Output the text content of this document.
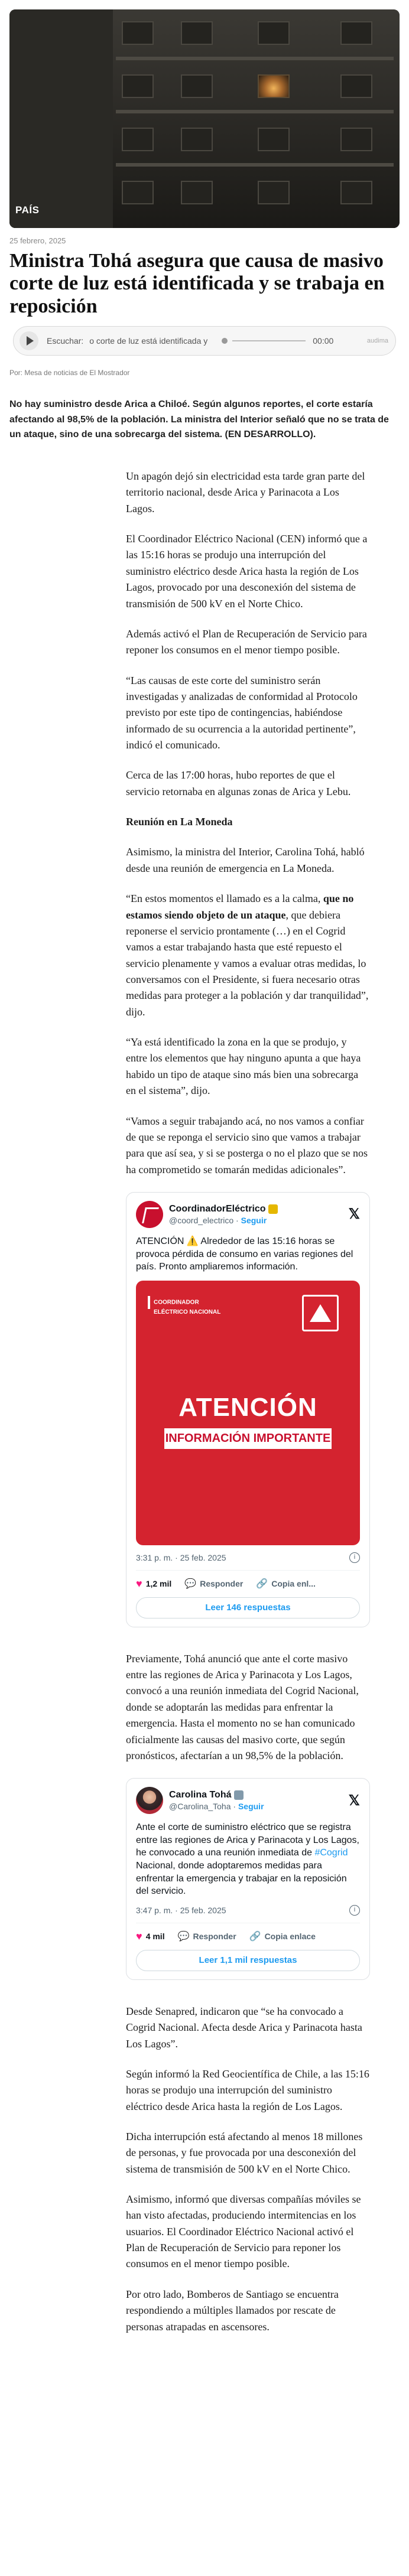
PAÍS
25 febrero, 2025
Ministra Tohá asegura que causa de masivo corte de luz está identificada y se trabaja en reposición
Escuchar: o corte de luz está identificada y	00:00	audima
Por: Mesa de noticias de El Mostrador

No hay suministro desde Arica a Chiloé. Según algunos reportes, el corte estaría afectando al 98,5% de la población. La ministra del Interior señaló que no se trata de un ataque, sino de una sobrecarga del sistema. (EN DESARROLLO).

Un apagón dejó sin electricidad esta tarde gran parte del territorio nacional, desde Arica y Parinacota a Los Lagos.

El Coordinador Eléctrico Nacional (CEN) informó que a las 15:16 horas se produjo una interrupción del suministro eléctrico desde Arica hasta la región de Los Lagos, provocado por una desconexión del sistema de transmisión de 500 kV en el Norte Chico.

Además activó el Plan de Recuperación de Servicio para reponer los consumos en el menor tiempo posible.

“Las causas de este corte del suministro serán investigadas y analizadas de conformidad al Protocolo previsto por este tipo de contingencias, habiéndose informado de su ocurrencia a la autoridad pertinente”, indicó el comunicado.

Cerca de las 17:00 horas, hubo reportes de que el servicio retornaba en algunas zonas de Arica y Lebu.

Reunión en La Moneda

Asimismo, la ministra del Interior, Carolina Tohá, habló desde una reunión de emergencia en La Moneda.

“En estos momentos el llamado es a la calma, que no estamos siendo objeto de un ataque, que debiera reponerse el servicio prontamente (…) en el Cogrid vamos a estar trabajando hasta que esté repuesto el servicio plenamente y vamos a evaluar otras medidas, lo conversamos con el Presidente, si fuera necesario otras medidas para proteger a la población y dar tranquilidad”, dijo.

“Ya está identificado la zona en la que se produjo, y entre los elementos que hay ninguno apunta a que haya habido un tipo de ataque sino más bien una sobrecarga en el sistema”, dijo.

“Vamos a seguir trabajando acá, no nos vamos a confiar de que se reponga el servicio sino que vamos a trabajar para que así sea, y si se posterga o no el plazo que se nos ha comprometido se tomarán medidas adicionales”.

CoordinadorEléctrico
@coord_electrico · Seguir	𝕏
ATENCIÓN ⚠️ Alrededor de las 15:16 horas se provoca pérdida de consumo en varias regiones del país. Pronto ampliaremos información.
COORDINADOR
ELÉCTRICO NACIONAL
ATENCIÓN
INFORMACIÓN IMPORTANTE
3:31 p. m. · 25 feb. 2025	i
♥ 1,2 mil 💬 Responder 🔗 Copia enl...
Leer 146 respuestas

Previamente, Tohá anunció que ante el corte masivo entre las regiones de Arica y Parinacota y Los Lagos, convocó a una reunión inmediata del Cogrid Nacional, donde se adoptarán las medidas para enfrentar la emergencia. Hasta el momento no se han comunicado oficialmente las causas del masivo corte, que según pronósticos, afectarían a un 98,5% de la población.

Carolina Tohá
@Carolina_Toha · Seguir	𝕏
Ante el corte de suministro eléctrico que se registra entre las regiones de Arica y Parinacota y Los Lagos, he convocado a una reunión inmediata de #Cogrid Nacional, donde adoptaremos medidas para enfrentar la emergencia y trabajar en la reposición del servicio.
3:47 p. m. · 25 feb. 2025	i
♥ 4 mil 💬 Responder 🔗 Copia enlace
Leer 1,1 mil respuestas

Desde Senapred, indicaron que “se ha convocado a Cogrid Nacional. Afecta desde Arica y Parinacota hasta Los Lagos”.

Según informó la Red Geocientífica de Chile, a las 15:16 horas se produjo una interrupción del suministro eléctrico desde Arica hasta la región de Los Lagos.

Dicha interrupción está afectando al menos 18 millones de personas, y fue provocada por una desconexión del sistema de transmisión de 500 kV en el Norte Chico.

Asimismo, informó que diversas compañías móviles se han visto afectadas, produciendo intermitencias en los usuarios. El Coordinador Eléctrico Nacional activó el Plan de Recuperación de Servicio para reponer los consumos en el menor tiempo posible.

Por otro lado, Bomberos de Santiago se encuentra respondiendo a múltiples llamados por rescate de personas atrapadas en ascensores.
